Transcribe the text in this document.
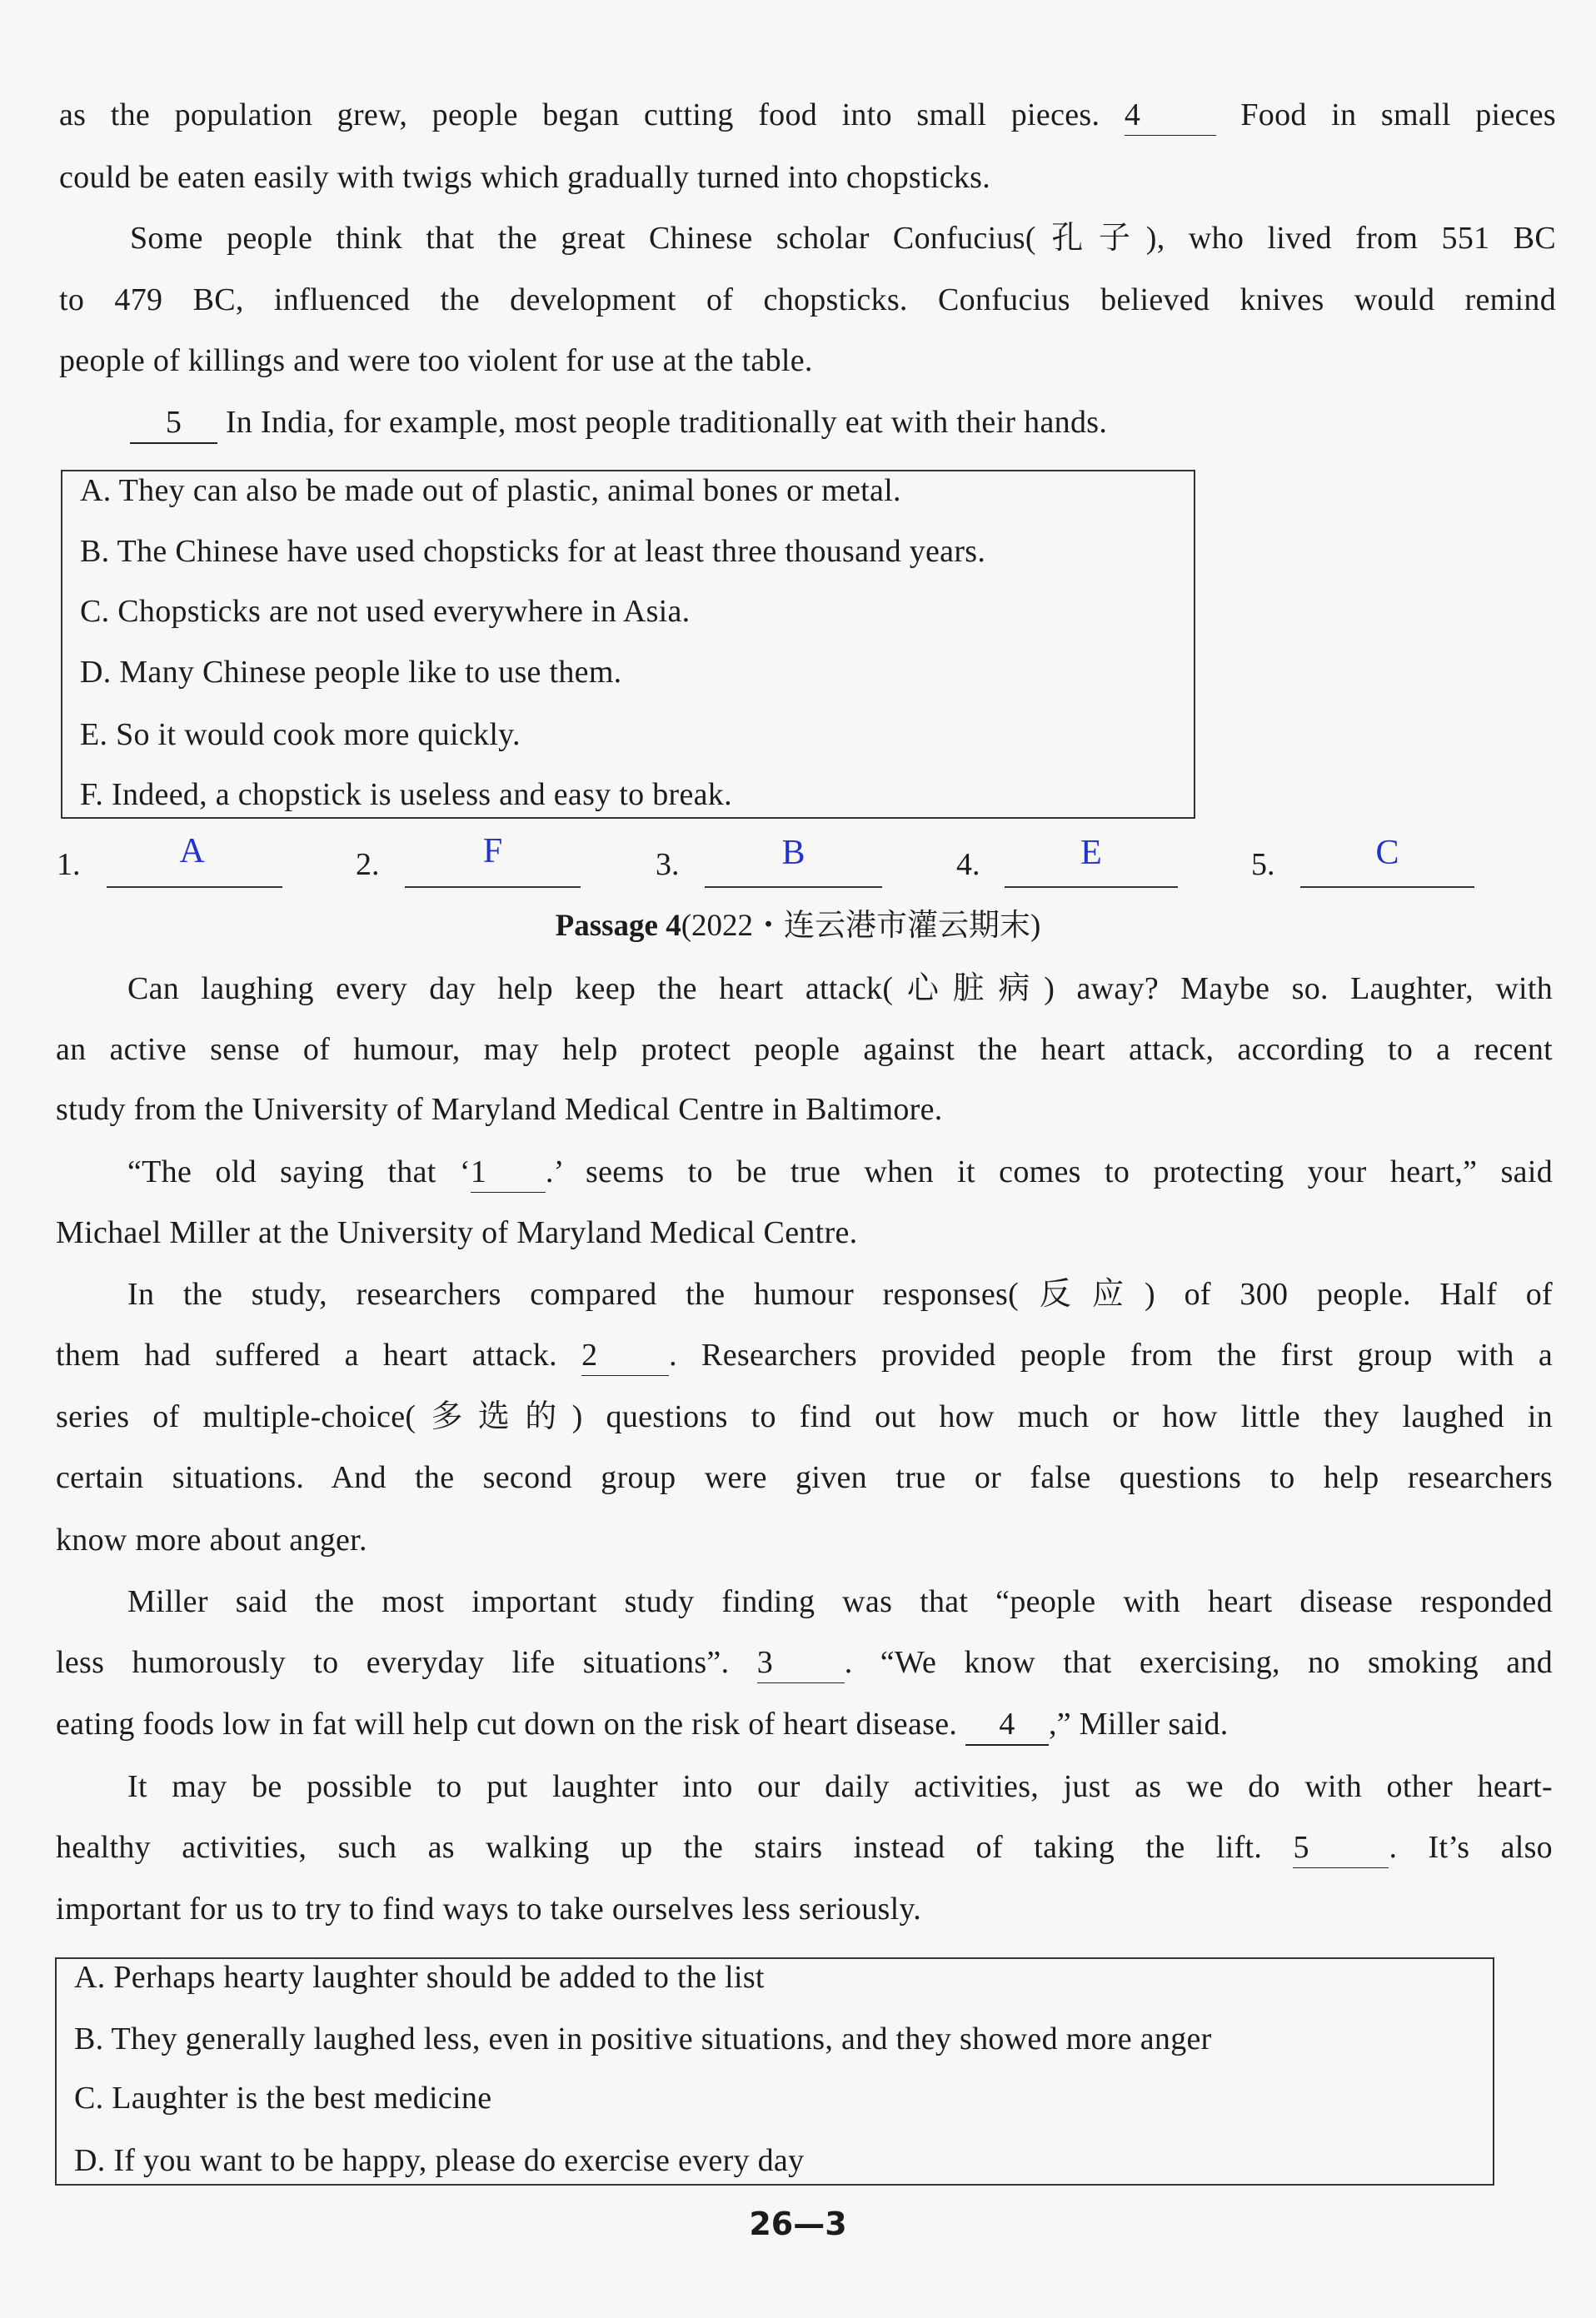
as the population grew, people began cutting food into small pieces. 4	Food in small pieces
could be eaten easily with twigs which gradually turned into chopsticks.
Some people think that the great Chinese scholar Confucius(孔子), who lived from 551 BC
to 479 BC, influenced the development of chopsticks. Confucius believed knives would remind
people of killings and were too violent for use at the table.
5 In India, for example, most people traditionally eat with their hands.
A. They can also be made out of plastic, animal bones or metal.
B. The Chinese have used chopsticks for at least three thousand years.
C. Chopsticks are not used everywhere in Asia.
D. Many Chinese people like to use them.
E. So it would cook more quickly.
F. Indeed, a chopstick is useless and easy to break.
1.	A	2.	F	3.	B	4.	E	5.	C
Passage 4(2022・连云港市灌云期末)
Can laughing every day help keep the heart attack(心脏病) away? Maybe so. Laughter, with
an active sense of humour, may help protect people against the heart attack, according to a recent
study from the University of Maryland Medical Centre in Baltimore.
“The old saying that ‘1 .’ seems to be true when it comes to protecting your heart,” said
Michael Miller at the University of Maryland Medical Centre.
In the study, researchers compared the humour responses(反应) of 300 people. Half of
them had suffered a heart attack. 2 . Researchers provided people from the first group with a
series of multiple-choice(多选的) questions to find out how much or how little they laughed in
certain situations. And the second group were given true or false questions to help researchers
know more about anger.
Miller said the most important study finding was that “people with heart disease responded
less humorously to everyday life situations”. 3 . “We know that exercising, no smoking and
eating foods low in fat will help cut down on the risk of heart disease. 4 ,” Miller said.
It may be possible to put laughter into our daily activities, just as we do with other heart-
healthy activities, such as walking up the stairs instead of taking the lift. 5	. It’s also
important for us to try to find ways to take ourselves less seriously.
A. Perhaps hearty laughter should be added to the list
B. They generally laughed less, even in positive situations, and they showed more anger
C. Laughter is the best medicine
D. If you want to be happy, please do exercise every day
26—3
